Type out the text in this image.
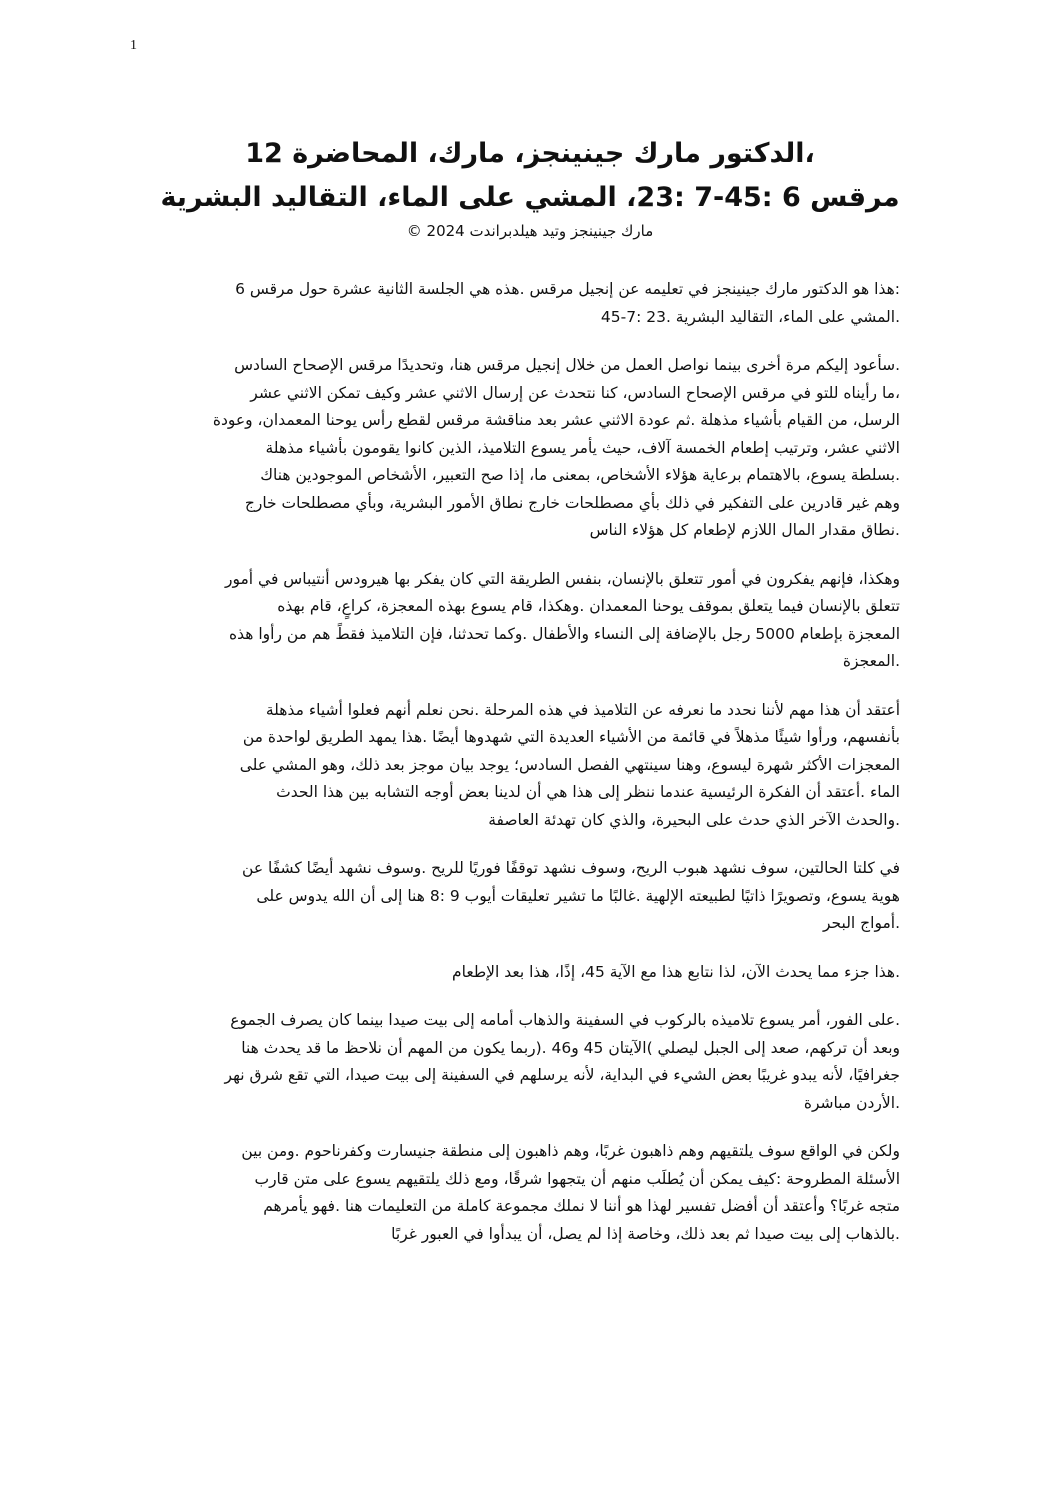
1
،الدكتور مارك جينينجز، مارك، المحاضرة 12
مرقس 6 :45-7 :23، المشي على الماء، التقاليد البشرية
مارك جينينجز وتيد هيلدبراندت 2024 ©
:هذا هو الدكتور مارك جينينجز في تعليمه عن إنجيل مرقس .هذه هي الجلسة الثانية عشرة حول مرقس 6
.المشي على الماء، التقاليد البشرية .23 :7-45
.سأعود إليكم مرة أخرى بينما نواصل العمل من خلال إنجيل مرقس هنا، وتحديدًا مرقس الإصحاح السادس
،ما رأيناه للتو في مرقس الإصحاح السادس، كنا نتحدث عن إرسال الاثني عشر وكيف تمكن الاثني عشر
الرسل، من القيام بأشياء مذهلة .ثم عودة الاثني عشر بعد مناقشة مرقس لقطع رأس يوحنا المعمدان، وعودة
الاثني عشر، وترتيب إطعام الخمسة آلاف، حيث يأمر يسوع التلاميذ، الذين كانوا يقومون بأشياء مذهلة
.بسلطة يسوع، بالاهتمام برعاية هؤلاء الأشخاص، بمعنى ما، إذا صح التعبير، الأشخاص الموجودين هناك
وهم غير قادرين على التفكير في ذلك بأي مصطلحات خارج نطاق الأمور البشرية، وبأي مصطلحات خارج
.نطاق مقدار المال اللازم لإطعام كل هؤلاء الناس
وهكذا، فإنهم يفكرون في أمور تتعلق بالإنسان، بنفس الطريقة التي كان يفكر بها هيرودس أنتيباس في أمور
تتعلق بالإنسان فيما يتعلق بموقف يوحنا المعمدان .وهكذا، قام يسوع بهذه المعجزة، كراعٍ، قام بهذه
المعجزة بإطعام 5000 رجل بالإضافة إلى النساء والأطفال .وكما تحدثنا، فإن التلاميذ فقطً هم من رأوا هذه
.المعجزة
أعتقد أن هذا مهم لأننا نحدد ما نعرفه عن التلاميذ في هذه المرحلة .نحن نعلم أنهم فعلوا أشياء مذهلة
بأنفسهم، ورأوا شيئًا مذهلاً في قائمة من الأشياء العديدة التي شهدوها أيضًا .هذا يمهد الطريق لواحدة من
المعجزات الأكثر شهرة ليسوع، وهنا سينتهي الفصل السادس؛ يوجد بيان موجز بعد ذلك، وهو المشي على
الماء .أعتقد أن الفكرة الرئيسية عندما ننظر إلى هذا هي أن لدينا بعض أوجه التشابه بين هذا الحدث
.والحدث الآخر الذي حدث على البحيرة، والذي كان تهدئة العاصفة
في كلتا الحالتين، سوف نشهد هبوب الريح، وسوف نشهد توقفًا فوريًا للريح .وسوف نشهد أيضًا كشفًا عن
هوية يسوع، وتصويرًا ذاتيًا لطبيعته الإلهية .غالبًا ما تشير تعليقات أيوب 9 :8 هنا إلى أن الله يدوس على
.أمواج البحر
.هذا جزء مما يحدث الآن، لذا نتابع هذا مع الآية 45، إذًا، هذا بعد الإطعام
.على الفور، أمر يسوع تلاميذه بالركوب في السفينة والذهاب أمامه إلى بيت صيدا بينما كان يصرف الجموع
وبعد أن تركهم، صعد إلى الجبل ليصلي )الآيتان 45 و46 .(ربما يكون من المهم أن نلاحظ ما قد يحدث هنا
جغرافيًا، لأنه يبدو غريبًا بعض الشيء في البداية، لأنه يرسلهم في السفينة إلى بيت صيدا، التي تقع شرق نهر
.الأردن مباشرة
ولكن في الواقع سوف يلتقيهم وهم ذاهبون غربًا، وهم ذاهبون إلى منطقة جنيسارت وكفرناحوم .ومن بين
الأسئلة المطروحة :كيف يمكن أن يُطلَب منهم أن يتجهوا شرقًا، ومع ذلك يلتقيهم يسوع على متن قارب
متجه غربًا؟ وأعتقد أن أفضل تفسير لهذا هو أننا لا نملك مجموعة كاملة من التعليمات هنا .فهو يأمرهم
.بالذهاب إلى بيت صيدا ثم بعد ذلك، وخاصة إذا لم يصل، أن يبدأوا في العبور غربًا
